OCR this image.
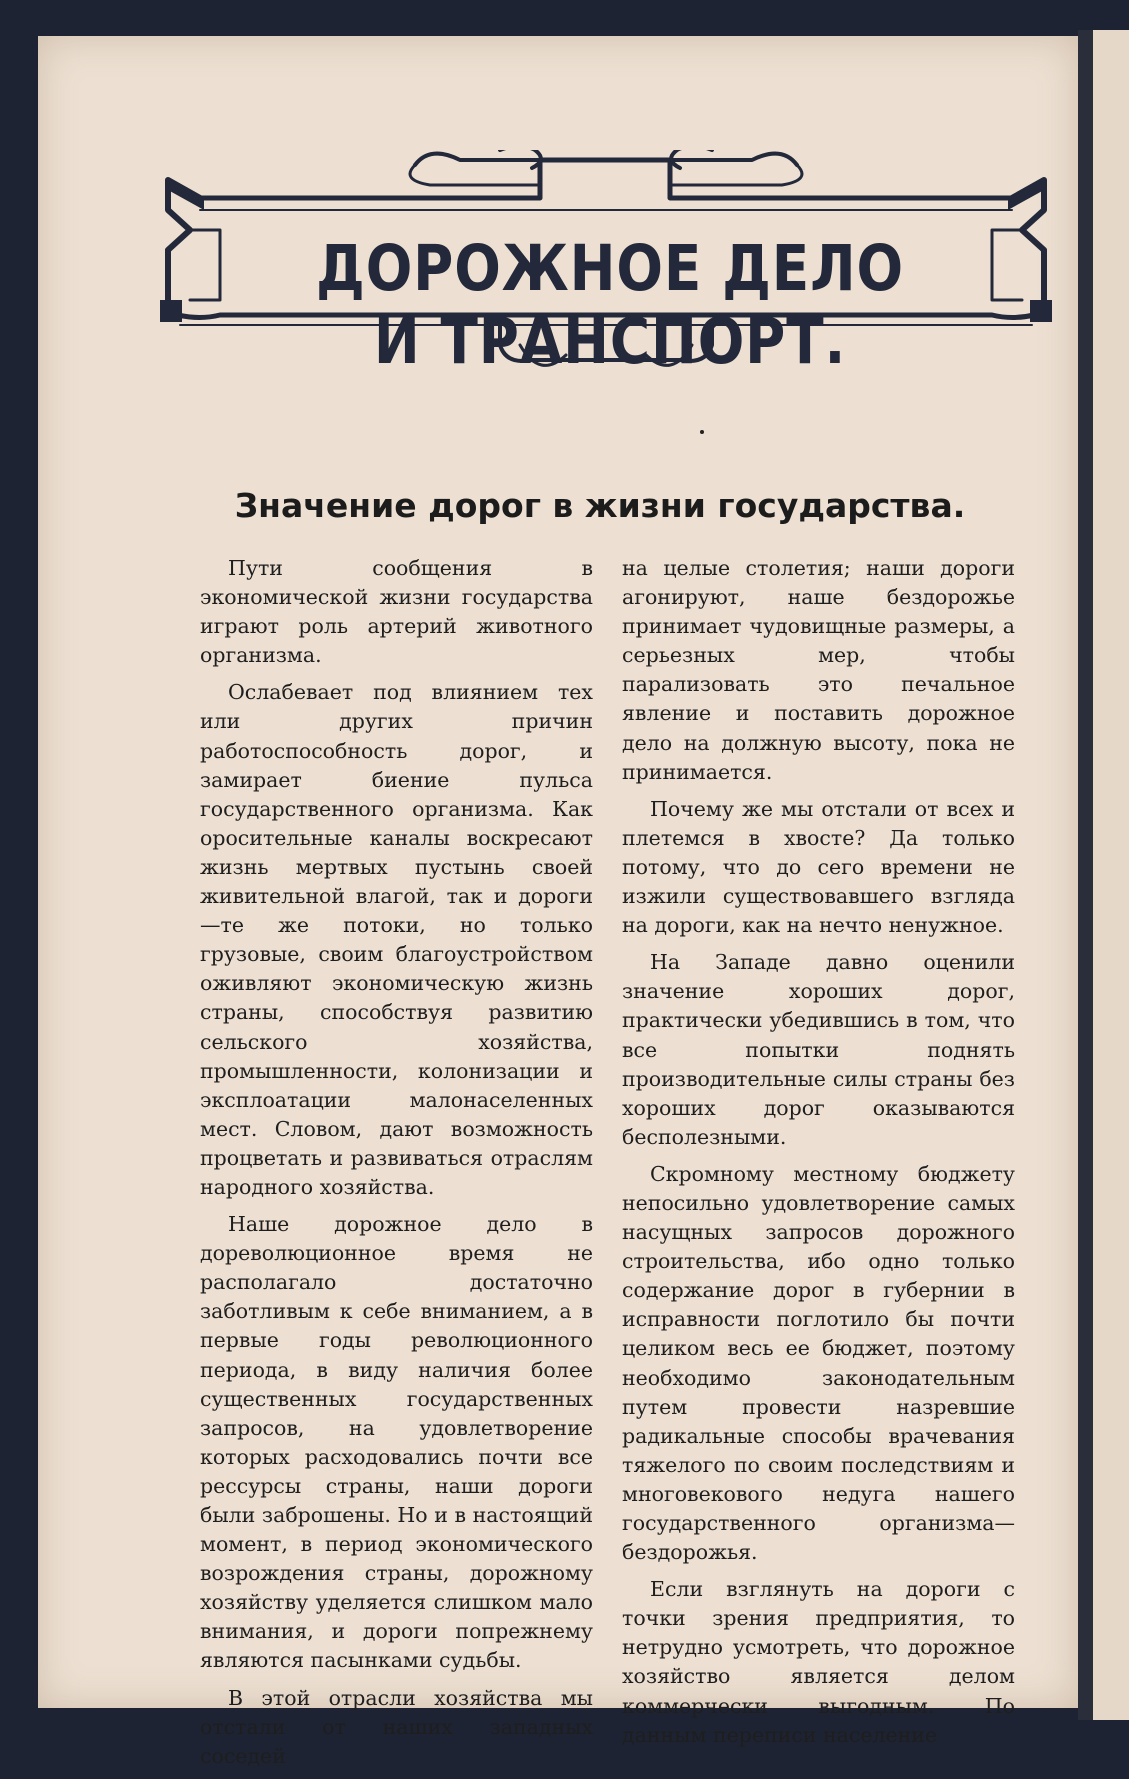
ДОРОЖНОЕ ДЕЛО И ТРАНСПОРТ.
Значение дорог в жизни государства.

Пути сообщения в экономической жизни государства играют роль артерий животного организма.

Ослабевает под влиянием тех или других причин работоспособность дорог, и замирает биение пульса государственного организма. Как оросительные каналы воскресают жизнь мертвых пустынь своей живительной влагой, так и дороги—те же потоки, но только грузовые, своим благоустройством оживляют экономическую жизнь страны, способствуя развитию сельского хозяйства, промышленности, колонизации и эксплоатации малонаселенных мест. Словом, дают возможность процветать и развиваться отраслям народного хозяйства.

Наше дорожное дело в дореволюционное время не располагало достаточно заботливым к себе вниманием, а в первые годы революционного периода, в виду наличия более существенных государственных запросов, на удовлетворение которых расходовались почти все рессурсы страны, наши дороги были заброшены. Но и в настоящий момент, в период экономического возрождения страны, дорожному хозяйству уделяется слишком мало внимания, и дороги попрежнему являются пасынками судьбы.

В этой отрасли хозяйства мы отстали от наших западных соседей

на целые столетия; наши дороги агонируют, наше бездорожье принимает чудовищные размеры, а серьезных мер, чтобы парализовать это печальное явление и поставить дорожное дело на должную высоту, пока не принимается.

Почему же мы отстали от всех и плетемся в хвосте? Да только потому, что до сего времени не изжили существовавшего взгляда на дороги, как на нечто ненужное.

На Западе давно оценили значение хороших дорог, практически убедившись в том, что все попытки поднять производительные силы страны без хороших дорог оказываются бесполезными.

Скромному местному бюджету непосильно удовлетворение самых насущных запросов дорожного строительства, ибо одно только содержание дорог в губернии в исправности поглотило бы почти целиком весь ее бюджет, поэтому необходимо законодательным путем провести назревшие радикальные способы врачевания тяжелого по своим последствиям и многовекового недуга нашего государственного организма—бездорожья.

Если взглянуть на дороги с точки зрения предприятия, то нетрудно усмотреть, что дорожное хозяйство является делом коммерчески выгодным. По данным переписи население
